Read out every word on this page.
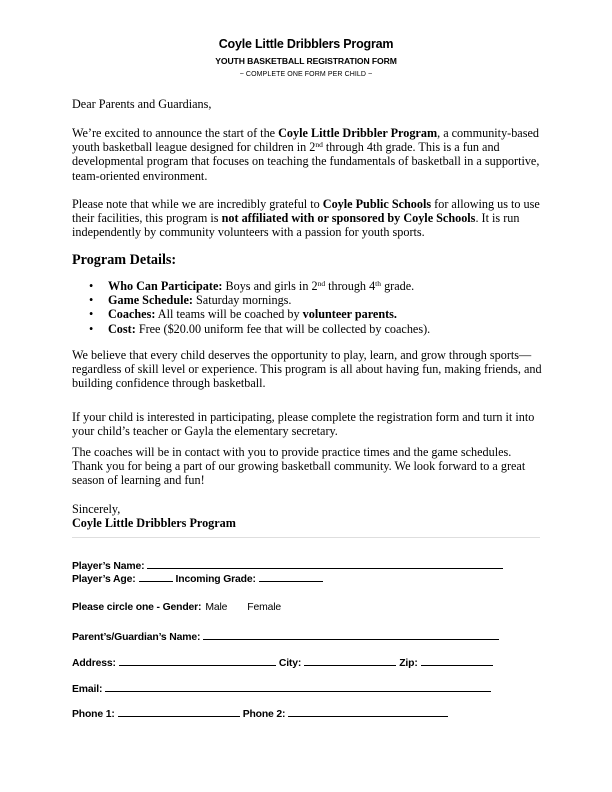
Coyle Little Dribblers Program
YOUTH BASKETBALL REGISTRATION FORM
~ COMPLETE ONE FORM PER CHILD ~
Dear Parents and Guardians,

We’re excited to announce the start of the Coyle Little Dribbler Program, a community-based youth basketball league designed for children in 2nd through 4th grade. This is a fun and developmental program that focuses on teaching the fundamentals of basketball in a supportive, team-oriented environment.

Please note that while we are incredibly grateful to Coyle Public Schools for allowing us to use their facilities, this program is not affiliated with or sponsored by Coyle Schools. It is run independently by community volunteers with a passion for youth sports.

Program Details:
• Who Can Participate: Boys and girls in 2nd through 4th grade.
• Game Schedule: Saturday mornings.
• Coaches: All teams will be coached by volunteer parents.
• Cost: Free ($20.00 uniform fee that will be collected by coaches).

We believe that every child deserves the opportunity to play, learn, and grow through sports—regardless of skill level or experience. This program is all about having fun, making friends, and building confidence through basketball.

If your child is interested in participating, please complete the registration form and turn it into your child’s teacher or Gayla the elementary secretary.

The coaches will be in contact with you to provide practice times and the game schedules. Thank you for being a part of our growing basketball community. We look forward to a great season of learning and fun!

Sincerely,

Coyle Little Dribblers Program

Player’s Name:
Player’s Age:	Incoming Grade:
Please circle one - Gender: Male Female
Parent’s/Guardian’s Name:
Address:	City:	Zip:
Email:
Phone 1:	Phone 2:
